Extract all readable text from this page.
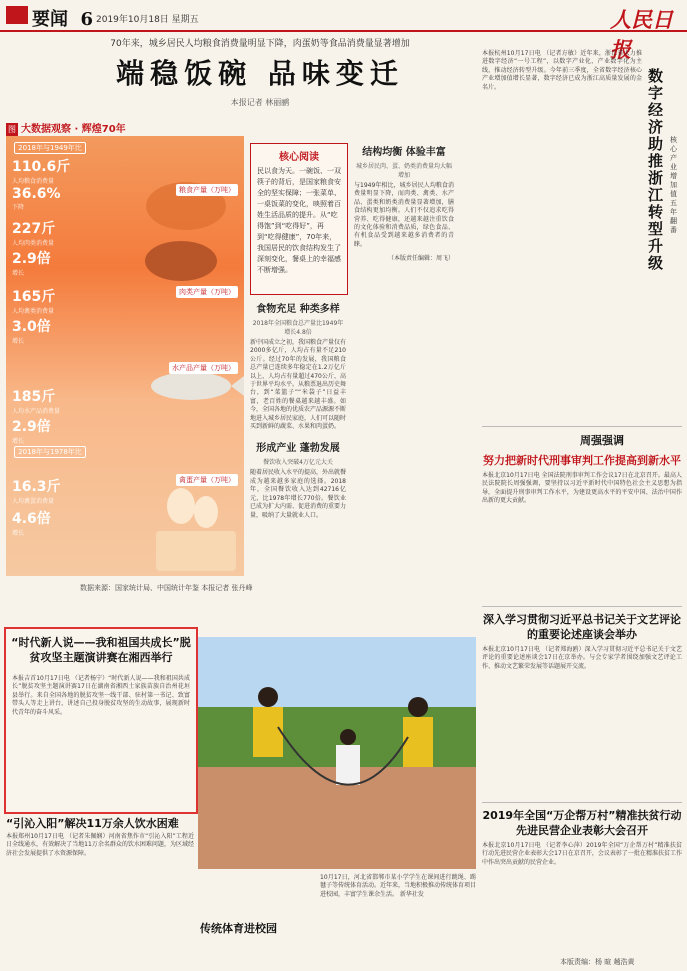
要闻 6 2019年10月18日 星期五	人民日报
70年来，城乡居民人均粮食消费量明显下降，肉蛋奶等食品消费量显著增加
端稳饭碗 品味变迁
本报记者 林丽鹂
图 大数据观察 · 辉煌70年
粮食产量（万吨）
肉类产量（万吨）
水产品产量（万吨）
禽蛋产量（万吨）
2018年与1949年比
2018年与1978年比
110.6斤
人均粮食消费量
36.6%
下降
227斤
人均肉类消费量
2.9倍
增长
165斤
人均禽类消费量
3.0倍
增长
185斤
人均水产品消费量
2.9倍
增长
16.3斤
人均禽蛋消费量
4.6倍
增长
数据来源：国家统计局、中国统计年鉴 本报记者 张丹峰
核心阅读
民以食为天。一碗饭、一双筷子的背后，是国家粮食安全的坚实保障；一张菜单、一桌饭菜的变化，映照着百姓生活品质的提升。从“吃得饱”到“吃得好”，再到“吃得健康”，70年来，我国居民的饮食结构发生了深刻变化，餐桌上的幸福感不断增强。
食物充足 种类多样
2018年全国粮食总产量比1949年增长4.8倍
新中国成立之初，我国粮食产量仅有2000多亿斤，人均占有量不足210公斤。经过70年的发展，我国粮食总产量已连续多年稳定在1.2万亿斤以上，人均占有量超过470公斤，高于世界平均水平。从粮票退出历史舞台，到“菜篮子”“米袋子”日益丰富，老百姓的餐桌越来越丰盛。如今，全国各地的优质农产品源源不断地进入城乡居民家庭，人们可以随时买到新鲜的蔬菜、水果和肉蛋奶。
形成产业 蓬勃发展
餐饮收入突破4万亿元大关
随着居民收入水平的提高，外出就餐成为越来越多家庭的选择。2018年，全国餐饮收入达到42716亿元，比1978年增长770倍。餐饮业已成为扩大内需、促进消费的重要力量，吸纳了大量就业人口。
结构均衡 体验丰富
城乡居民肉、蛋、奶类消费量均大幅增加
与1949年相比，城乡居民人均粮食消费量明显下降，而肉类、禽类、水产品、蛋类和奶类消费量显著增加，膳食结构更加均衡。人们不仅追求吃得营养、吃得健康，还越来越注重饮食的文化体验和消费品质，绿色食品、有机食品受到越来越多消费者的青睐。
（本版责任编辑：周飞）
“时代新人说——我和祖国共成长”脱贫攻坚主题演讲赛在湘西举行
本报吉首10月17日电 （记者杨宁）“时代新人说——我和祖国共成长”脱贫攻坚主题演讲赛17日在湖南省湘西土家族苗族自治州花垣县举行。来自全国各地的脱贫攻坚一线干部、驻村第一书记、致富带头人等走上讲台，讲述自己投身脱贫攻坚的生动故事，展现新时代青年的奋斗风采。
“引沁入阳”解决11万余人饮水困难
本报郑州10月17日电 （记者朱佩娴）河南省焦作市“引沁入阳”工程近日全线通水，有效解决了当地11万余名群众的饮水困难问题，为区域经济社会发展提供了水资源保障。
传统体育进校园
10月17日，河北省邯郸市某小学学生在课间进行跳绳、踢毽子等传统体育活动。近年来，当地积极推动传统体育项目进校园，丰富学生课余生活。 新华社发
本报杭州10月17日电 （记者方敏）近年来，浙江省大力推进数字经济“一号工程”，以数字产业化、产业数字化为主线，推动经济转型升级。今年前三季度，全省数字经济核心产业增加值增长显著，数字经济已成为浙江高质量发展的金名片。
数字经济助推浙江转型升级
核心产业增加值五年翻番
周强强调
努力把新时代刑事审判工作提高到新水平
本报北京10月17日电 全国法院刑事审判工作会议17日在北京召开。最高人民法院院长周强强调，要坚持以习近平新时代中国特色社会主义思想为指导，全面提升刑事审判工作水平，为建设更高水平的平安中国、法治中国作出新的更大贡献。
深入学习贯彻习近平总书记关于文艺评论的重要论述座谈会举办
本报北京10月17日电 （记者郑海鸥）深入学习贯彻习近平总书记关于文艺评论的重要论述座谈会17日在京举办。与会专家学者围绕加强文艺评论工作、推动文艺繁荣发展等话题展开交流。
2019年全国“万企帮万村”精准扶贫行动先进民营企业表彰大会召开
本报北京10月17日电 （记者李心萍）2019年全国“万企帮万村”精准扶贫行动先进民营企业表彰大会17日在京召开，会议表彰了一批在精准扶贫工作中作出突出贡献的民营企业。
本版责编：杨 暄 趟浩黄
